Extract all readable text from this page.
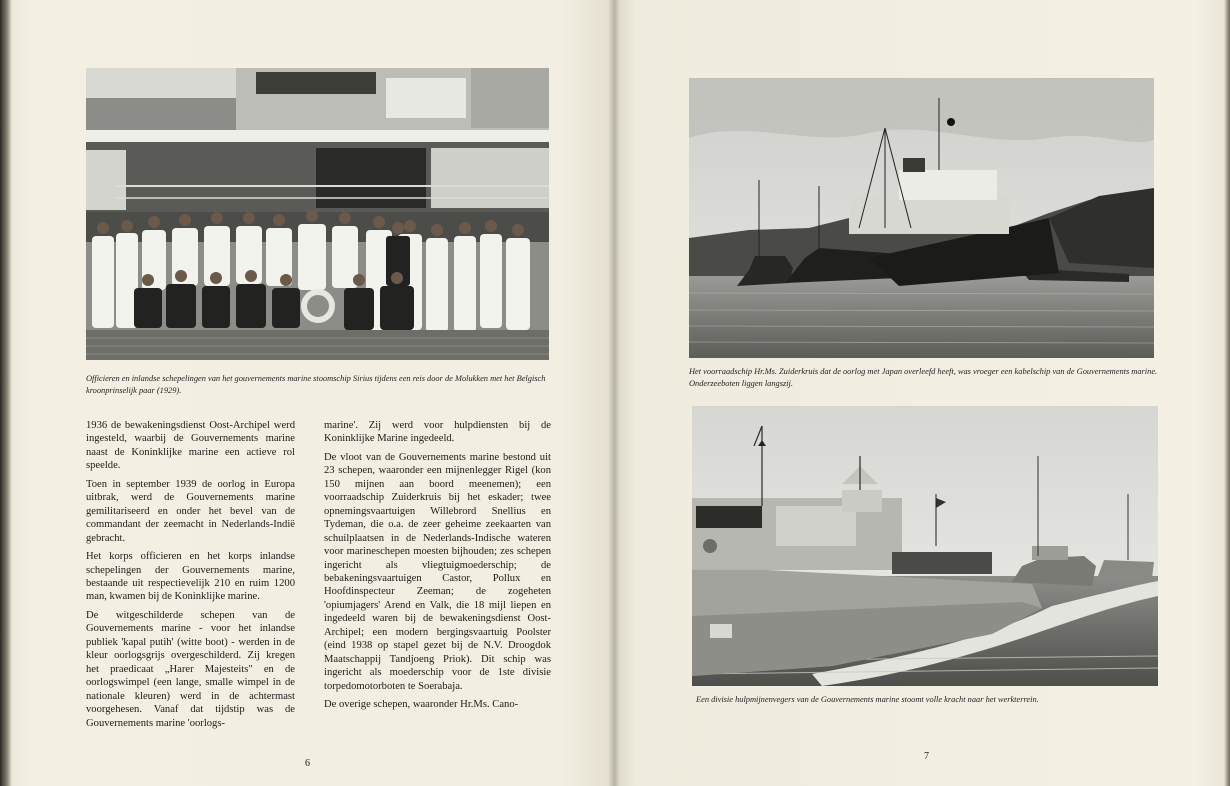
Officieren en inlandse schepelingen van het gouvernements marine stoomschip Sirius tijdens een reis door de Molukken met het Belgisch kroonprinselijk paar (1929).

1936 de bewakeningsdienst Oost-Archipel werd ingesteld, waarbij de Gouvernements marine naast de Koninklijke marine een actieve rol speelde.

Toen in september 1939 de oorlog in Europa uitbrak, werd de Gouvernements marine gemilitariseerd en onder het bevel van de commandant der zeemacht in Nederlands-Indië gebracht.

Het korps officieren en het korps inlandse schepelingen der Gouvernements marine, bestaande uit respectievelijk 210 en ruim 1200 man, kwamen bij de Koninklijke marine.

De witgeschilderde schepen van de Gouvernements marine - voor het inlandse publiek 'kapal putih' (witte boot) - werden in de kleur oorlogsgrijs overgeschilderd. Zij kregen het praedicaat „Harer Majesteits" en de oorlogswimpel (een lange, smalle wimpel in de nationale kleuren) werd in de achtermast voorgehesen. Vanaf dat tijdstip was de Gouvernements marine 'oorlogs-

marine'. Zij werd voor hulpdiensten bij de Koninklijke Marine ingedeeld.

De vloot van de Gouvernements marine bestond uit 23 schepen, waaronder een mijnenlegger Rigel (kon 150 mijnen aan boord meenemen); een voorraadschip Zuiderkruis bij het eskader; twee opnemingsvaartuigen Willebrord Snellius en Tydeman, die o.a. de zeer geheime zeekaarten van schuilplaatsen in de Nederlands-Indische wateren voor marineschepen moesten bijhouden; zes schepen ingericht als vliegtuigmoederschip; de bebakeningsvaartuigen Castor, Pollux en Hoofdinspecteur Zeeman; de zogeheten 'opiumjagers' Arend en Valk, die 18 mijl liepen en ingedeeld waren bij de bewakeningsdienst Oost-Archipel; een modern bergingsvaartuig Poolster (eind 1938 op stapel gezet bij de N.V. Droogdok Maatschappij Tandjoeng Priok). Dit schip was ingericht als moederschip voor de 1ste divisie torpedomotorboten te Soerabaja.

De overige schepen, waaronder Hr.Ms. Cano-

6
Het voorraadschip Hr.Ms. Zuiderkruis dat de oorlog met Japan overleefd heeft, was vroeger een kabelschip van de Gouvernements marine. Onderzeeboten liggen langszij.
Een divisie hulpmijnenvegers van de Gouvernements marine stoomt volle kracht naar het werkterrein.
7
